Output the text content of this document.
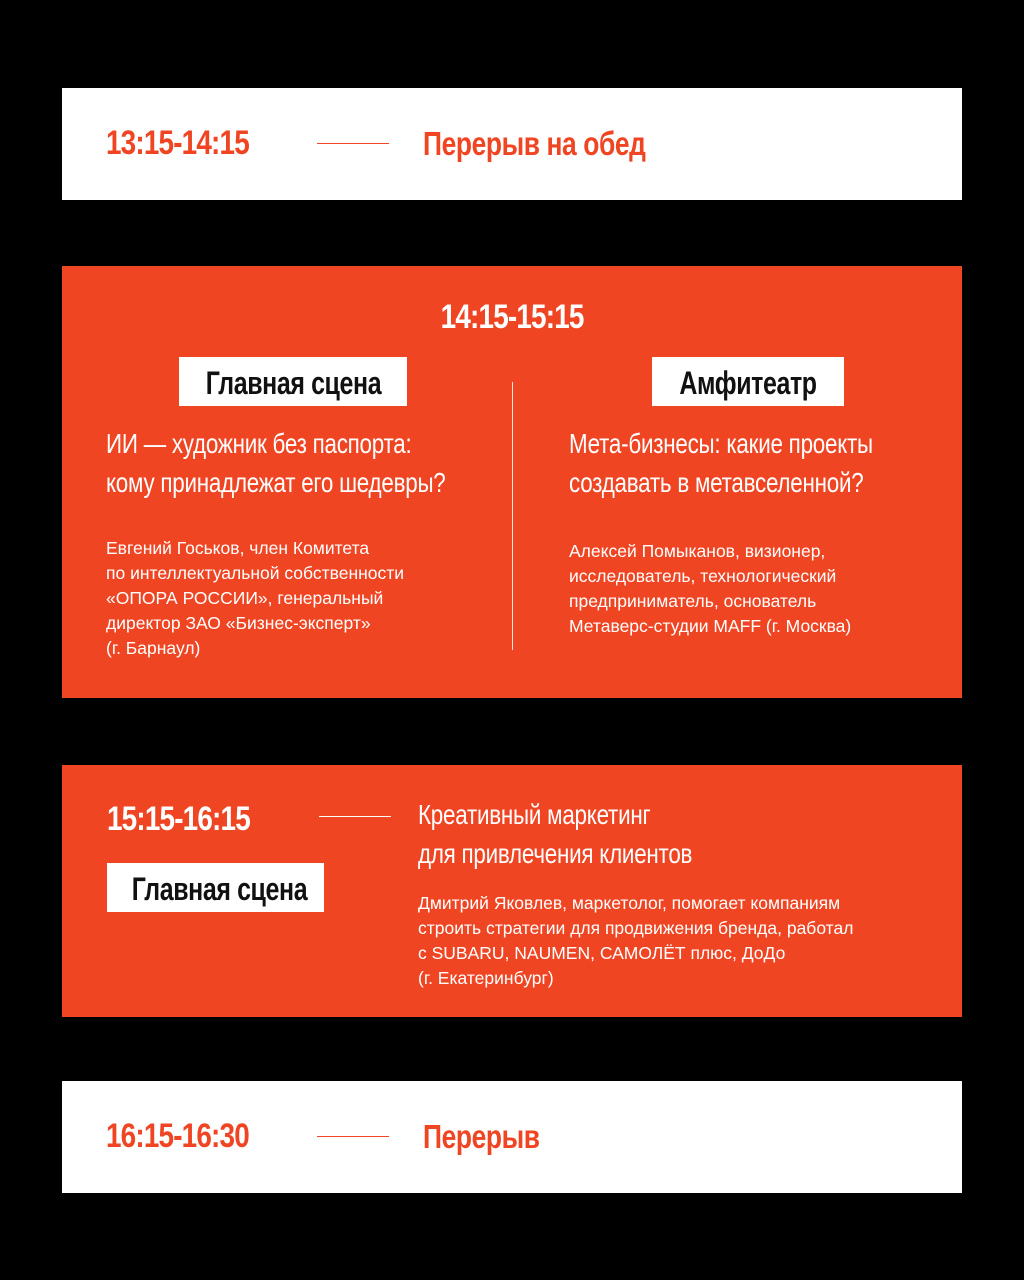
13:15-14:15	Перерыв на обед
14:15-15:15
Главная сцена
ИИ — художник без паспорта:
кому принадлежат его шедевры?
Евгений Госьков, член Комитета
по интеллектуальной собственности
«ОПОРА РОССИИ», генеральный
директор ЗАО «Бизнес-эксперт»
(г. Барнаул)
Амфитеатр
Мета-бизнесы: какие проекты
создавать в метавселенной?
Алексей Помыканов, визионер,
исследователь, технологический
предприниматель, основатель
Метаверс-студии MAFF (г. Москва)
15:15-16:15
Главная сцена
Креативный маркетинг
для привлечения клиентов
Дмитрий Яковлев, маркетолог, помогает компаниям
строить стратегии для продвижения бренда, работал
с SUBARU, NAUMEN, САМОЛЁТ плюс, ДоДо
(г. Екатеринбург)
16:15-16:30	Перерыв
